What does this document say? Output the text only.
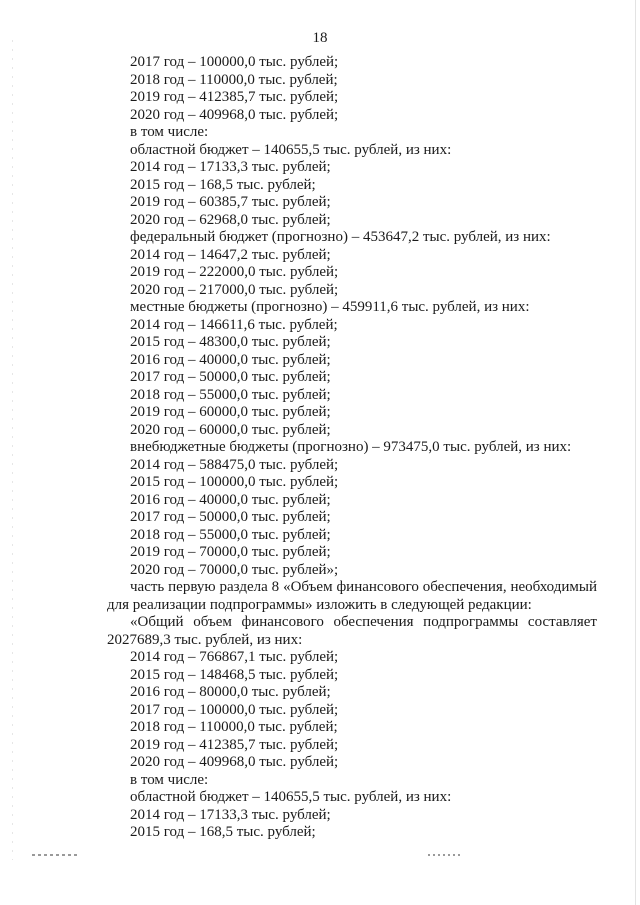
18
2017 год – 100000,0 тыс. рублей;
2018 год – 110000,0 тыс. рублей;
2019 год – 412385,7 тыс. рублей;
2020 год – 409968,0 тыс. рублей;
в том числе:
областной бюджет – 140655,5 тыс. рублей, из них:
2014 год – 17133,3 тыс. рублей;
2015 год – 168,5 тыс. рублей;
2019 год – 60385,7 тыс. рублей;
2020 год – 62968,0 тыс. рублей;
федеральный бюджет (прогнозно) – 453647,2 тыс. рублей, из них:
2014 год – 14647,2 тыс. рублей;
2019 год – 222000,0 тыс. рублей;
2020 год – 217000,0 тыс. рублей;
местные бюджеты (прогнозно) – 459911,6 тыс. рублей, из них:
2014 год – 146611,6 тыс. рублей;
2015 год – 48300,0 тыс. рублей;
2016 год – 40000,0 тыс. рублей;
2017 год – 50000,0 тыс. рублей;
2018 год – 55000,0 тыс. рублей;
2019 год – 60000,0 тыс. рублей;
2020 год – 60000,0 тыс. рублей;
внебюджетные бюджеты (прогнозно) – 973475,0 тыс. рублей, из них:
2014 год – 588475,0 тыс. рублей;
2015 год – 100000,0 тыс. рублей;
2016 год – 40000,0 тыс. рублей;
2017 год – 50000,0 тыс. рублей;
2018 год – 55000,0 тыс. рублей;
2019 год – 70000,0 тыс. рублей;
2020 год – 70000,0 тыс. рублей»;
часть первую раздела 8 «Объем финансового обеспечения, необходимый
для реализации подпрограммы» изложить в следующей редакции:
«Общий объем финансового обеспечения подпрограммы составляет
2027689,3 тыс. рублей, из них:
2014 год – 766867,1 тыс. рублей;
2015 год – 148468,5 тыс. рублей;
2016 год – 80000,0 тыс. рублей;
2017 год – 100000,0 тыс. рублей;
2018 год – 110000,0 тыс. рублей;
2019 год – 412385,7 тыс. рублей;
2020 год – 409968,0 тыс. рублей;
в том числе:
областной бюджет – 140655,5 тыс. рублей, из них:
2014 год – 17133,3 тыс. рублей;
2015 год – 168,5 тыс. рублей;
